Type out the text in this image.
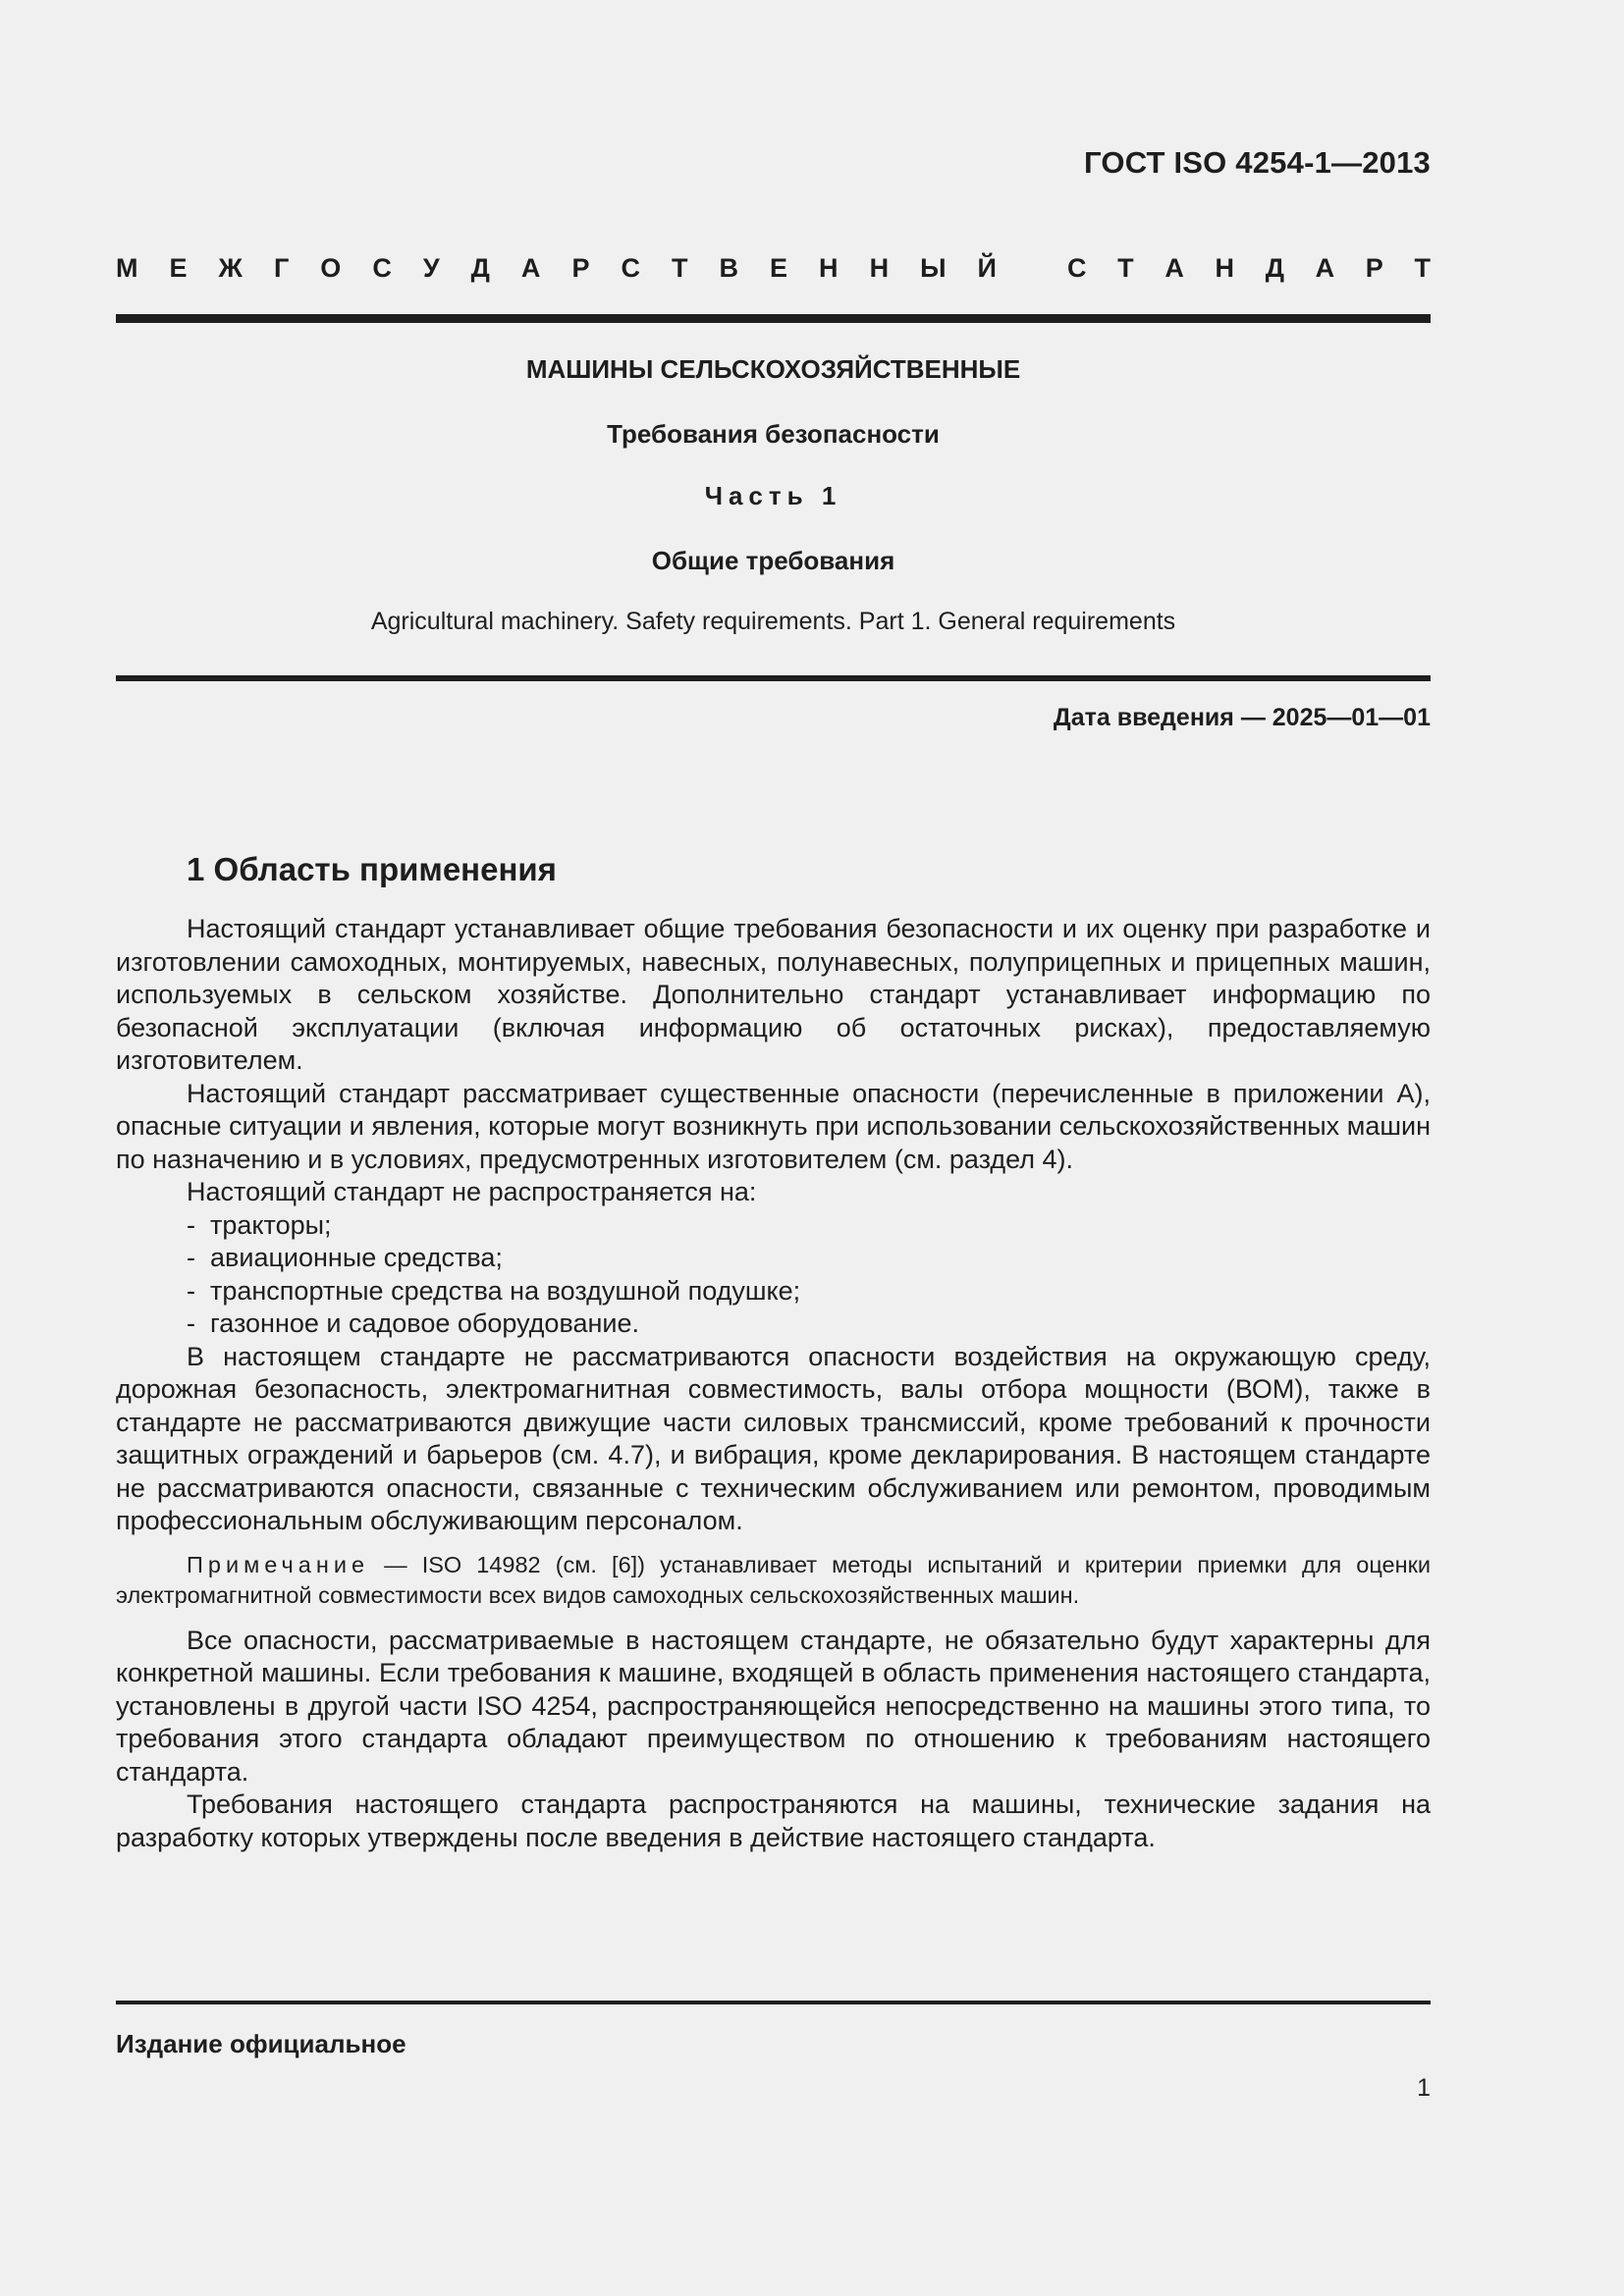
ГОСТ ISO 4254-1—2013
М Е Ж Г О С У Д А Р С Т В Е Н Н Ы Й	С Т А Н Д А Р Т
МАШИНЫ СЕЛЬСКОХОЗЯЙСТВЕННЫЕ
Требования безопасности
Часть 1
Общие требования
Agricultural machinery. Safety requirements. Part 1. General requirements
Дата введения — 2025—01—01
1 Область применения

Настоящий стандарт устанавливает общие требования безопасности и их оценку при разработке и изготовлении самоходных, монтируемых, навесных, полунавесных, полуприцепных и прицепных машин, используемых в сельском хозяйстве. Дополнительно стандарт устанавливает информацию по безопасной эксплуатации (включая информацию об остаточных рисках), предоставляемую изготовителем.

Настоящий стандарт рассматривает существенные опасности (перечисленные в приложении А), опасные ситуации и явления, которые могут возникнуть при использовании сельскохозяйственных машин по назначению и в условиях, предусмотренных изготовителем (см. раздел 4).

Настоящий стандарт не распространяется на:

- тракторы;
- авиационные средства;
- транспортные средства на воздушной подушке;
- газонное и садовое оборудование.

В настоящем стандарте не рассматриваются опасности воздействия на окружающую среду, дорожная безопасность, электромагнитная совместимость, валы отбора мощности (ВОМ), также в стандарте не рассматриваются движущие части силовых трансмиссий, кроме требований к прочности защитных ограждений и барьеров (см. 4.7), и вибрация, кроме декларирования. В настоящем стандарте не рассматриваются опасности, связанные с техническим обслуживанием или ремонтом, проводимым профессиональным обслуживающим персоналом.

Примечание — ISO 14982 (см. [6]) устанавливает методы испытаний и критерии приемки для оценки электромагнитной совместимости всех видов самоходных сельскохозяйственных машин.

Все опасности, рассматриваемые в настоящем стандарте, не обязательно будут характерны для конкретной машины. Если требования к машине, входящей в область применения настоящего стандарта, установлены в другой части ISO 4254, распространяющейся непосредственно на машины этого типа, то требования этого стандарта обладают преимуществом по отношению к требованиям настоящего стандарта.

Требования настоящего стандарта распространяются на машины, технические задания на разработку которых утверждены после введения в действие настоящего стандарта.

Издание официальное
1
